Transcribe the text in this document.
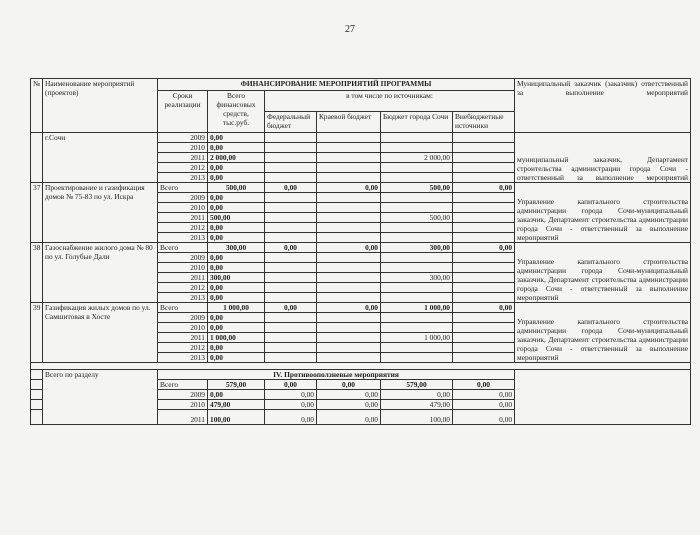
27
№	Наименование мероприятий (проектов)	ФИНАНСИРОВАНИЕ МЕРОПРИЯТИЙ ПРОГРАММЫ						Муниципальный заказчик (заказчик) ответственный за выполнение мероприятий
		Сроки реализации	Всего финансовых средств, тыс.руб.	в том числе по источникам:				
				Федеральный бюджет	Краевой бюджет	Бюджет города Сочи	Внебюджетные источники	

	г.Сочи	2009	0,00					муниципальный заказчик, Департамент строительства администрации города Сочи - ответственный за выполнение мероприятий
		2010	0,00					
		2011	2 000,00			2 000,00		
		2012	0,00					
		2013	0,00					
37	Проектирование и газификация домов № 75-83 по ул. Искра	Всего	500,00	0,00	0,00	500,00	0,00	Управление капитального строительства администрации города Сочи-муниципальный заказчик, Департамент строительства администрации города Сочи - ответственный за выполнение мероприятий
		2009	0,00					
		2010	0,00					
		2011	500,00			500,00		
		2012	0,00					
		2013	0,00					
38	Газоснабжение жилого дома № 80 по ул. Голубые Дали	Всего	300,00	0,00	0,00	300,00	0,00	Управление капитального строительства администрации города Сочи-муниципальный заказчик, Департамент строительства администрации города Сочи - ответственный за выполнение мероприятий
		2009	0,00					
		2010	0,00					
		2011	300,00			300,00		
		2012	0,00					
		2013	0,00					
39	Газификация жилых домов по ул. Самшитовая в Хосте	Всего	1 000,00	0,00	0,00	1 000,00	0,00	Управление капитального строительства администрации города Сочи-муниципальный заказчик, Департамент строительства администрации города Сочи - ответственный за выполнение мероприятий
		2009	0,00					
		2010	0,00					
		2011	1 000,00			1 000,00		
		2012	0,00					
		2013	0,00					

	Всего по разделу	IV. Противооползневые мероприятия						
		Всего	579,00	0,00	0,00	579,00	0,00	
		2009	0,00	0,00	0,00	0,00	0,00	
		2010	479,00	0,00	0,00	479,00	0,00	
		2011	100,00	0,00	0,00	100,00	0,00	
